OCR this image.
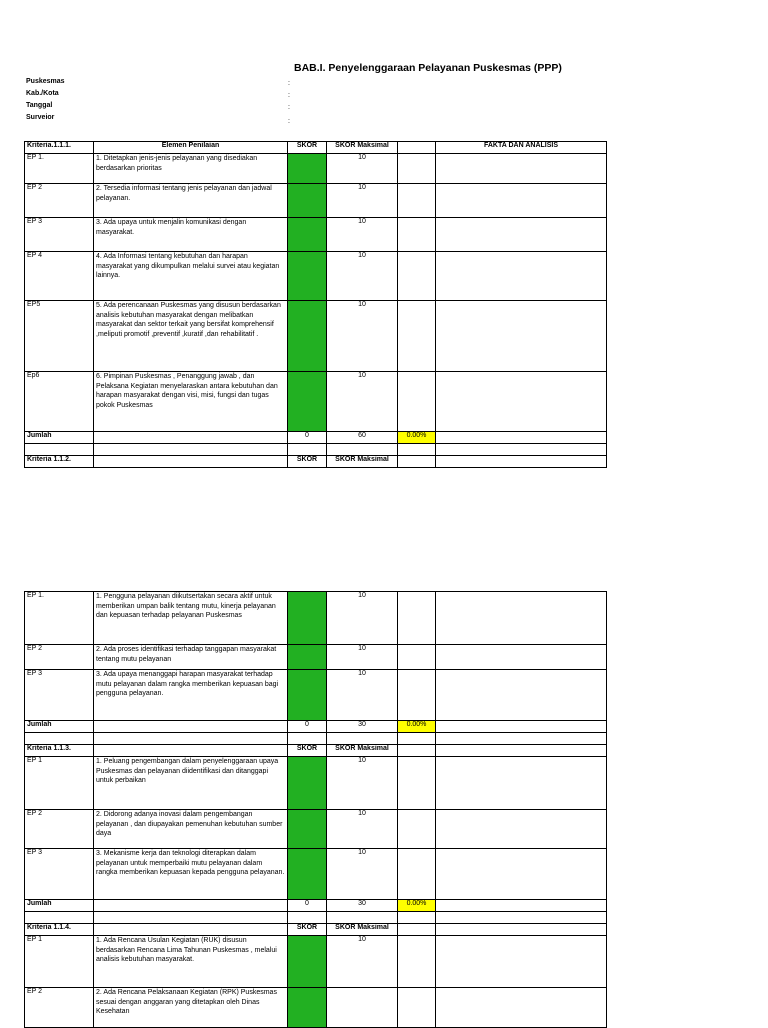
BAB.I. Penyelenggaraan Pelayanan Puskesmas (PPP)
Puskesmas
Kab./Kota
Tanggal
Surveior
:
:
:
:
Kriteria.1.1.1.	Elemen Penilaian	SKOR	SKOR Maksimal		FAKTA DAN ANALISIS
EP 1.	1. Ditetapkan jenis-jenis pelayanan yang disediakan berdasarkan prioritas		10		
EP 2	2. Tersedia informasi tentang jenis pelayanan dan jadwal pelayanan.		10		
EP 3	3. Ada upaya untuk menjalin komunikasi dengan masyarakat.		10		
EP 4	4. Ada Informasi tentang kebutuhan dan harapan masyarakat yang dikumpulkan melalui survei atau kegiatan lainnya.		10		
EP5	5. Ada perencanaan Puskesmas yang disusun berdasarkan analisis kebutuhan masyarakat dengan melibatkan masyarakat dan sektor terkait yang bersifat komprehensif ,meliputi promotif ,preventif ,kuratif ,dan rehabilitatif .		10		
Ep6	6. Pimpinan Puskesmas , Penanggung jawab , dan Pelaksana Kegiatan menyelaraskan antara kebutuhan dan harapan masyarakat dengan visi, misi, fungsi dan tugas pokok Puskesmas		10		
Jumlah		0	60	0.00%	

Kriteria 1.1.2.		SKOR	SKOR Maksimal		
EP 1.	1. Pengguna pelayanan diikutsertakan secara aktif untuk memberikan umpan balik tentang mutu, kinerja pelayanan dan kepuasan terhadap pelayanan Puskesmas		10		
EP 2	2. Ada proses identifikasi terhadap tanggapan masyarakat tentang mutu pelayanan		10		
EP 3	3. Ada upaya menanggapi harapan masyarakat terhadap mutu pelayanan dalam rangka memberikan kepuasan bagi pengguna pelayanan.		10		
Jumlah		0	30	0.00%	

Kriteria 1.1.3.		SKOR	SKOR Maksimal		
EP 1	1. Peluang pengembangan dalam penyelenggaraan upaya Puskesmas dan pelayanan diidentifikasi dan ditanggapi untuk perbaikan		10		
EP 2	2. Didorong adanya inovasi dalam pengembangan pelayanan , dan diupayakan pemenuhan kebutuhan sumber daya		10		
EP 3	3. Mekanisme kerja dan teknologi diterapkan dalam pelayanan untuk memperbaiki mutu pelayanan dalam rangka memberikan kepuasan kepada pengguna pelayanan.		10		
Jumlah		0	30	0.00%	

Kriteria 1.1.4.		SKOR	SKOR Maksimal		
EP 1	1. Ada Rencana Usulan Kegiatan (RUK) disusun berdasarkan Rencana Lima Tahunan Puskesmas , melalui analisis kebutuhan masyarakat.		10		
EP 2	2. Ada Rencana Pelaksanaan Kegiatan (RPK) Puskesmas sesuai dengan anggaran yang ditetapkan oleh Dinas Kesehatan				
